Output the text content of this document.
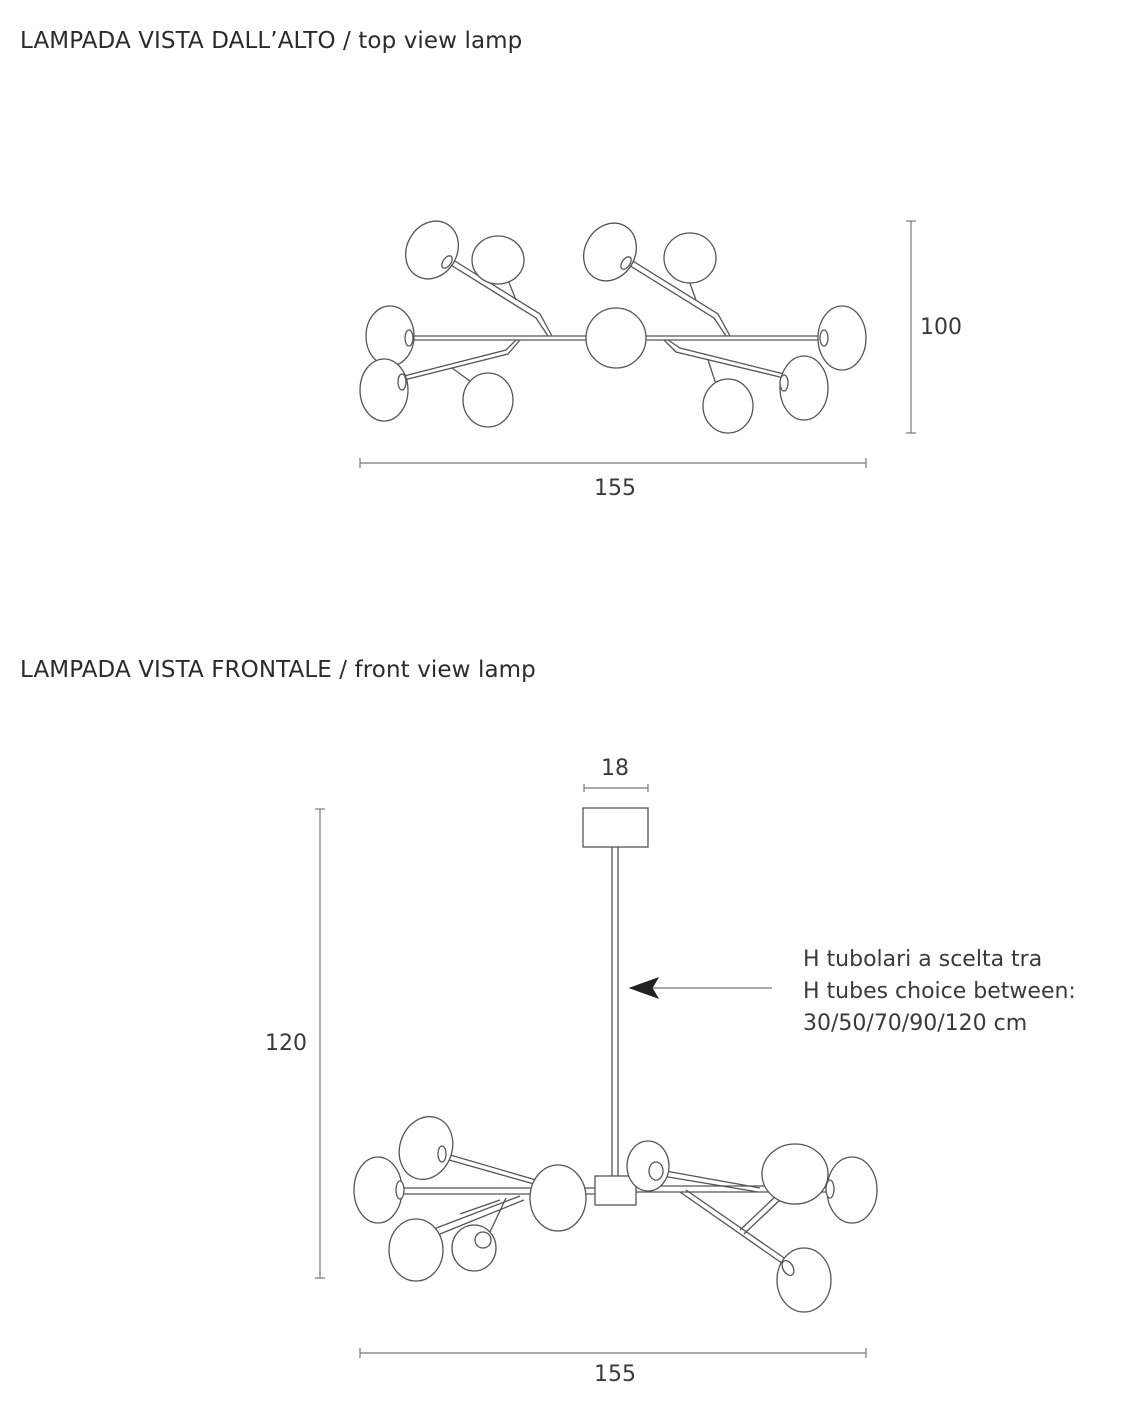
LAMPADA VISTA DALL’ALTO / top view lamp
LAMPADA VISTA FRONTALE / front view lamp
155
100
18
120
155
H tubolari a scelta tra
H tubes choice between:
30/50/70/90/120 cm
